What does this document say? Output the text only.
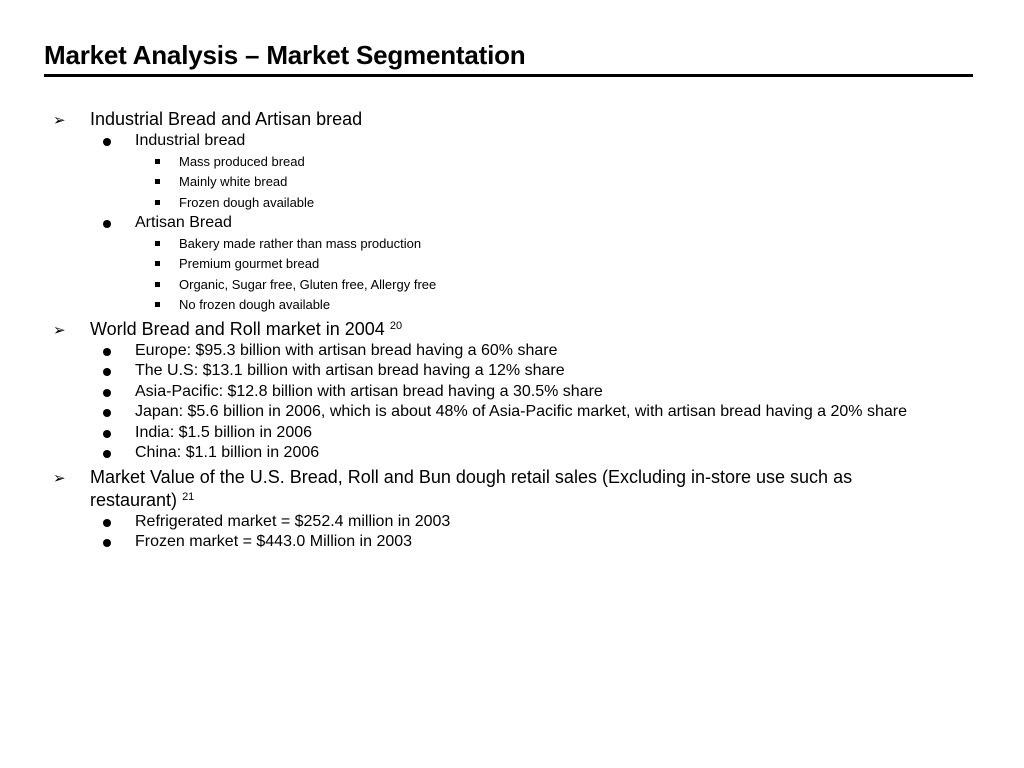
Market Analysis – Market Segmentation
➢ Industrial Bread and Artisan bread
Industrial bread
Mass produced bread
Mainly white bread
Frozen dough available
Artisan Bread
Bakery made rather than mass production
Premium gourmet bread
Organic, Sugar free, Gluten free, Allergy free
No frozen dough available
➢ World Bread and Roll market in 2004 $^{20}$
Europe: $95.3 billion with artisan bread having a 60% share
The U.S: $13.1 billion with artisan bread having a 12% share
Asia-Pacific: $12.8 billion with artisan bread having a 30.5% share
Japan: $5.6 billion in 2006, which is about 48% of Asia-Pacific market, with artisan bread having a 20% share
India: $1.5 billion in 2006
China: $1.1 billion in 2006
➢ Market Value of the U.S. Bread, Roll and Bun dough retail sales (Excluding in-store use such as restaurant) $^{21}$
Refrigerated market = $252.4 million in 2003
Frozen market = $443.0 Million in 2003
